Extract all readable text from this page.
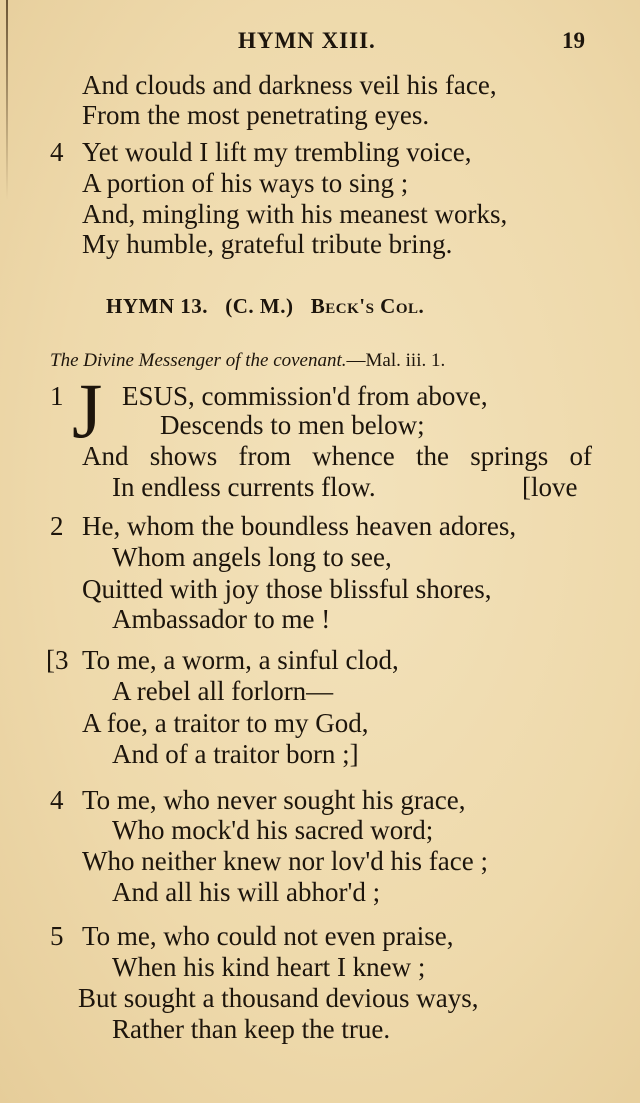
HYMN XIII.	19
And clouds and darkness veil his face,
From the most penetrating eyes.
4 Yet would I lift my trembling voice,
A portion of his ways to sing ;
And, mingling with his meanest works,
My humble, grateful tribute bring.
HYMN 13.   (C. M.)   Beck's Col.
The Divine Messenger of the covenant.—Mal. iii. 1.
1 J ESUS, commission'd from above,
Descends to men below;
And shows from whence the springs of
In endless currents flow.	[love
2 He, whom the boundless heaven adores,
Whom angels long to see,
Quitted with joy those blissful shores,
Ambassador to me !
[3 To me, a worm, a sinful clod,
A rebel all forlorn—
A foe, a traitor to my God,
And of a traitor born ;]
4 To me, who never sought his grace,
Who mock'd his sacred word;
Who neither knew nor lov'd his face ;
And all his will abhor'd ;
5 To me, who could not even praise,
When his kind heart I knew ;
But sought a thousand devious ways,
Rather than keep the true.
